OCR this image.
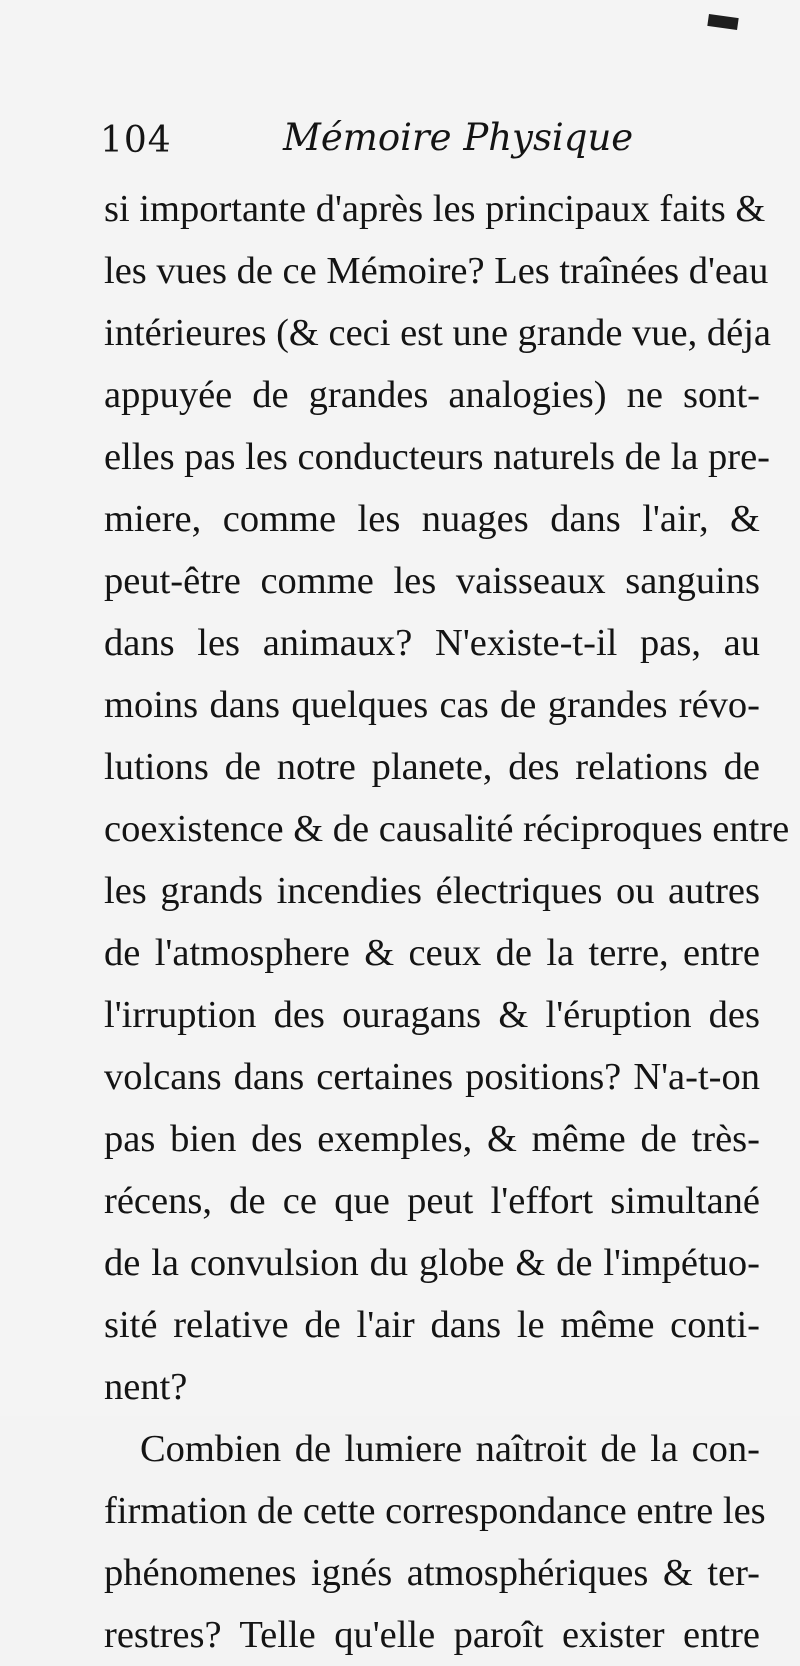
104	Mémoire Physique
si importante d'après les principaux faits &
les vues de ce Mémoire? Les traînées d'eau
intérieures (& ceci est une grande vue, déja
appuyée de grandes analogies) ne sont-
elles pas les conducteurs naturels de la pre-
miere, comme les nuages dans l'air, &
peut-être comme les vaisseaux sanguins
dans les animaux? N'existe-t-il pas, au
moins dans quelques cas de grandes révo-
lutions de notre planete, des relations de
coexistence & de causalité réciproques entre
les grands incendies électriques ou autres
de l'atmosphere & ceux de la terre, entre
l'irruption des ouragans & l'éruption des
volcans dans certaines positions? N'a-t-on
pas bien des exemples, & même de très-
récens, de ce que peut l'effort simultané
de la convulsion du globe & de l'impétuo-
sité relative de l'air dans le même conti-
nent?
Combien de lumiere naîtroit de la con-
firmation de cette correspondance entre les
phénomenes ignés atmosphériques & ter-
restres? Telle qu'elle paroît exister entre
